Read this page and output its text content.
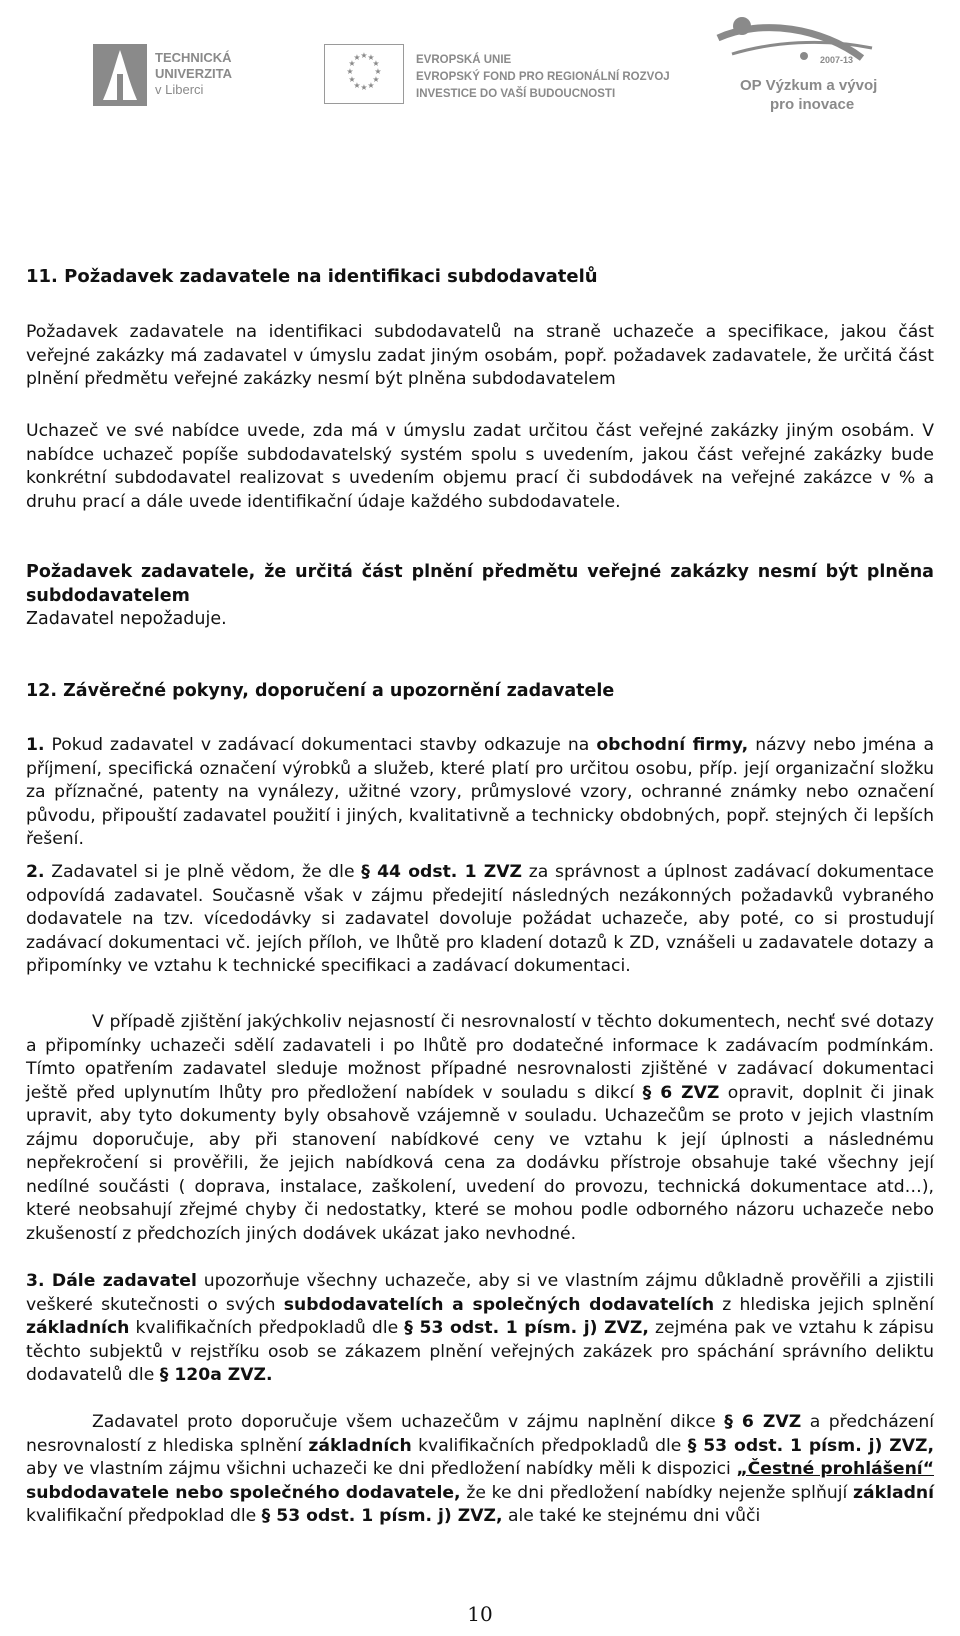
TECHNICKÁ
UNIVERZITA
v Liberci
★ ★
★
★
★
★
★
★
★
★
★
★	EVROPSKÁ UNIE
EVROPSKÝ FOND PRO REGIONÁLNÍ ROZVOJ
INVESTICE DO VAŠÍ BUDOUCNOSTI
2007-13
OP Výzkum a vývoj
pro inovace
11. Požadavek zadavatele na identifikaci subdodavatelů

Požadavek zadavatele na identifikaci subdodavatelů na straně uchazeče a specifikace, jakou část veřejné zakázky má zadavatel v úmyslu zadat jiným osobám, popř. požadavek zadavatele, že určitá část plnění předmětu veřejné zakázky nesmí být plněna subdodavatelem

Uchazeč ve své nabídce uvede, zda má v úmyslu zadat určitou část veřejné zakázky jiným osobám. V nabídce uchazeč popíše subdodavatelský systém spolu s uvedením, jakou část veřejné zakázky bude konkrétní subdodavatel realizovat s uvedením objemu prací či subdodávek na veřejné zakázce v % a druhu prací a dále uvede identifikační údaje každého subdodavatele.

Požadavek zadavatele, že určitá část plnění předmětu veřejné zakázky nesmí být plněna subdodavatelem
Zadavatel nepožaduje.
12. Závěrečné pokyny, doporučení a upozornění zadavatele

1. Pokud zadavatel v zadávací dokumentaci stavby odkazuje na obchodní firmy, názvy nebo jména a příjmení, specifická označení výrobků a služeb, které platí pro určitou osobu, příp. její organizační složku za příznačné, patenty na vynálezy, užitné vzory, průmyslové vzory, ochranné známky nebo označení původu, připouští zadavatel použití i jiných, kvalitativně a technicky obdobných, popř. stejných či lepších řešení.

2. Zadavatel si je plně vědom, že dle § 44 odst. 1 ZVZ za správnost a úplnost zadávací dokumentace odpovídá zadavatel. Současně však v zájmu předejití následných nezákonných požadavků vybraného dodavatele na tzv. vícedodávky si zadavatel dovoluje požádat uchazeče, aby poté, co si prostudují zadávací dokumentaci vč. jejích příloh, ve lhůtě pro kladení dotazů k ZD, vznášeli u zadavatele dotazy a připomínky ve vztahu k technické specifikaci a zadávací dokumentaci.

V případě zjištění jakýchkoliv nejasností či nesrovnalostí v těchto dokumentech, nechť své dotazy a připomínky uchazeči sdělí zadavateli i po lhůtě pro dodatečné informace k zadávacím podmínkám. Tímto opatřením zadavatel sleduje možnost případné nesrovnalosti zjištěné v zadávací dokumentaci ještě před uplynutím lhůty pro předložení nabídek v souladu s dikcí § 6 ZVZ opravit, doplnit či jinak upravit, aby tyto dokumenty byly obsahově vzájemně v souladu. Uchazečům se proto v jejich vlastním zájmu doporučuje, aby při stanovení nabídkové ceny ve vztahu k její úplnosti a následnému nepřekročení si prověřili, že jejich nabídková cena za dodávku přístroje obsahuje také všechny její nedílné součásti ( doprava, instalace, zaškolení, uvedení do provozu, technická dokumentace atd…), které neobsahují zřejmé chyby či nedostatky, které se mohou podle odborného názoru uchazeče nebo zkušeností z předchozích jiných dodávek ukázat jako nevhodné.

3. Dále zadavatel upozorňuje všechny uchazeče, aby si ve vlastním zájmu důkladně prověřili a zjistili veškeré skutečnosti o svých subdodavatelích a společných dodavatelích z hlediska jejich splnění základních kvalifikačních předpokladů dle § 53 odst. 1 písm. j) ZVZ, zejména pak ve vztahu k zápisu těchto subjektů v rejstříku osob se zákazem plnění veřejných zakázek pro spáchání správního deliktu dodavatelů dle § 120a ZVZ.

Zadavatel proto doporučuje všem uchazečům v zájmu naplnění dikce § 6 ZVZ a předcházení nesrovnalostí z hlediska splnění základních kvalifikačních předpokladů dle § 53 odst. 1 písm. j) ZVZ, aby ve vlastním zájmu všichni uchazeči ke dni předložení nabídky měli k dispozici „Čestné prohlášení“ subdodavatele nebo společného dodavatele, že ke dni předložení nabídky nejenže splňují základní kvalifikační předpoklad dle § 53 odst. 1 písm. j) ZVZ, ale také ke stejnému dni vůči

10
